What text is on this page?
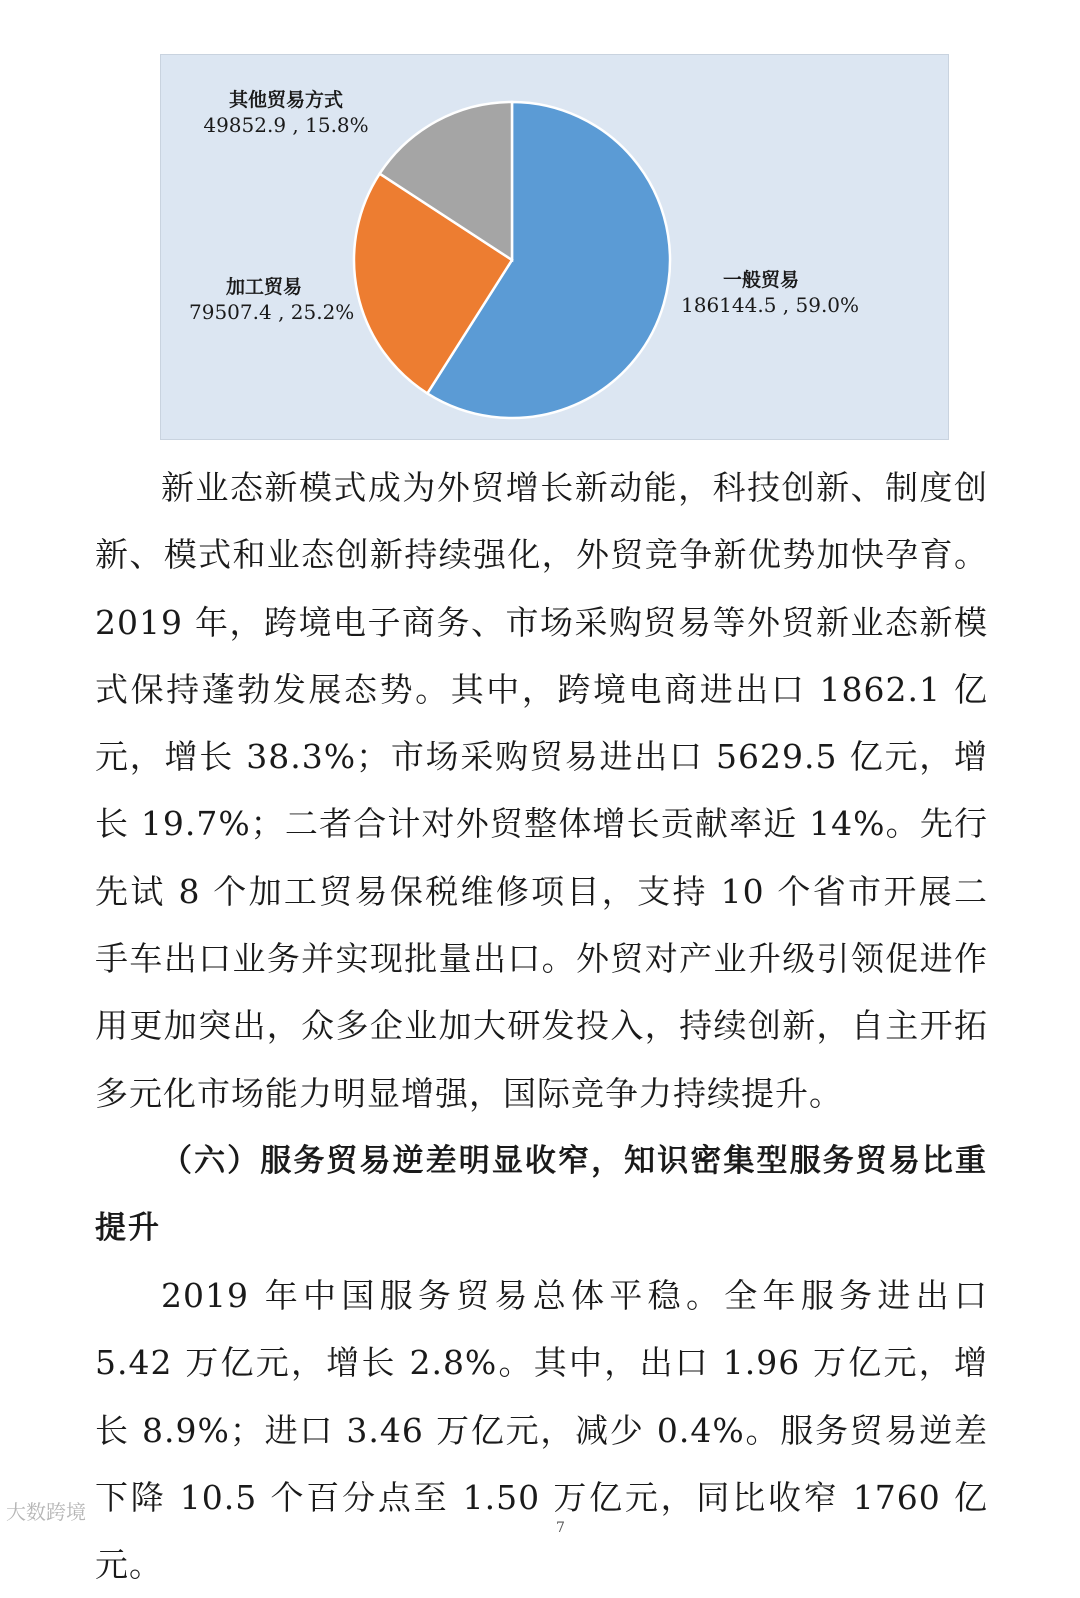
一般贸易
186144.5 , 59.0%
加工贸易
79507.4 , 25.2%
其他贸易方式
49852.9 , 15.8%

新业态新模式成为外贸增长新动能，科技创新、制度创新、模式和业态创新持续强化，外贸竞争新优势加快孕育。2019 年，跨境电子商务、市场采购贸易等外贸新业态新模式保持蓬勃发展态势。其中，跨境电商进出口 1862.1 亿元，增长 38.3%；市场采购贸易进出口 5629.5 亿元，增长 19.7%；二者合计对外贸整体增长贡献率近 14%。先行先试 8 个加工贸易保税维修项目，支持 10 个省市开展二手车出口业务并实现批量出口。外贸对产业升级引领促进作用更加突出，众多企业加大研发投入，持续创新，自主开拓多元化市场能力明显增强，国际竞争力持续提升。

（六）服务贸易逆差明显收窄，知识密集型服务贸易比重提升

2019 年中国服务贸易总体平稳。全年服务进出口 5.42 万亿元，增长 2.8%。其中，出口 1.96 万亿元，增长 8.9%；进口 3.46 万亿元，减少 0.4%。服务贸易逆差下降 10.5 个百分点至 1.50 万亿元，同比收窄 1760 亿元。

大数跨境
7
